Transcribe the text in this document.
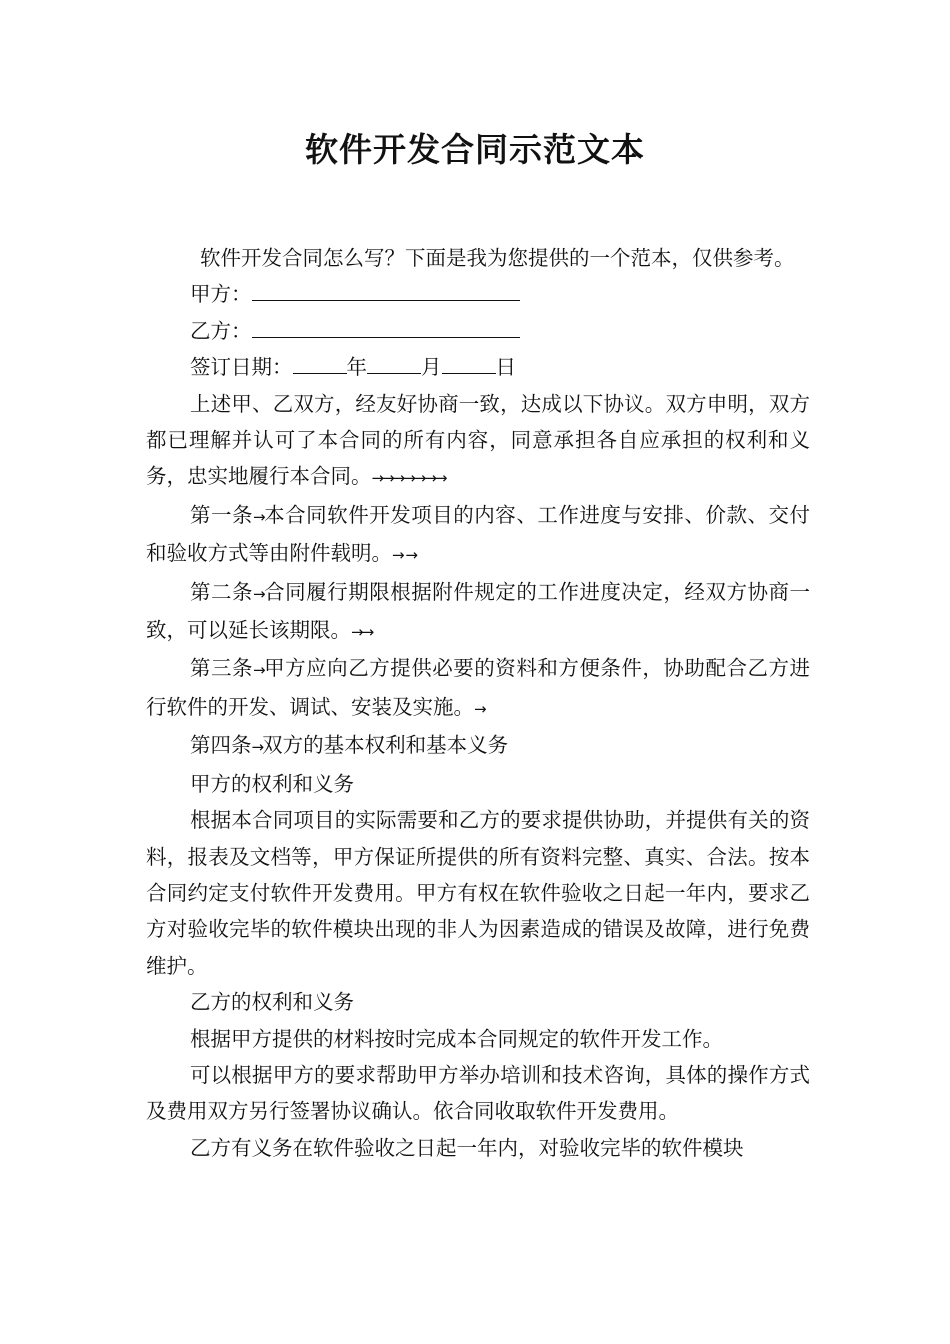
软件开发合同示范文本

软件开发合同怎么写？下面是我为您提供的一个范本，仅供参考。

甲方：

乙方：

签订日期：	年	月	日

上述甲、乙双方，经友好协商一致，达成以下协议。双方申明，双方都已理解并认可了本合同的所有内容，同意承担各自应承担的权利和义务，忠实地履行本合同。→→→→→→→

第一条→本合同软件开发项目的内容、工作进度与安排、价款、交付和验收方式等由附件载明。→ →

第二条→合同履行期限根据附件规定的工作进度决定，经双方协商一致，可以延长该期限。→→

第三条→甲方应向乙方提供必要的资料和方便条件，协助配合乙方进行软件的开发、调试、安装及实施。→

第四条→双方的基本权利和基本义务

甲方的权利和义务

根据本合同项目的实际需要和乙方的要求提供协助，并提供有关的资料，报表及文档等，甲方保证所提供的所有资料完整、真实、合法。按本合同约定支付软件开发费用。甲方有权在软件验收之日起一年内，要求乙方对验收完毕的软件模块出现的非人为因素造成的错误及故障，进行免费维护。

乙方的权利和义务

根据甲方提供的材料按时完成本合同规定的软件开发工作。

可以根据甲方的要求帮助甲方举办培训和技术咨询，具体的操作方式及费用双方另行签署协议确认。依合同收取软件开发费用。

乙方有义务在软件验收之日起一年内，对验收完毕的软件模块
